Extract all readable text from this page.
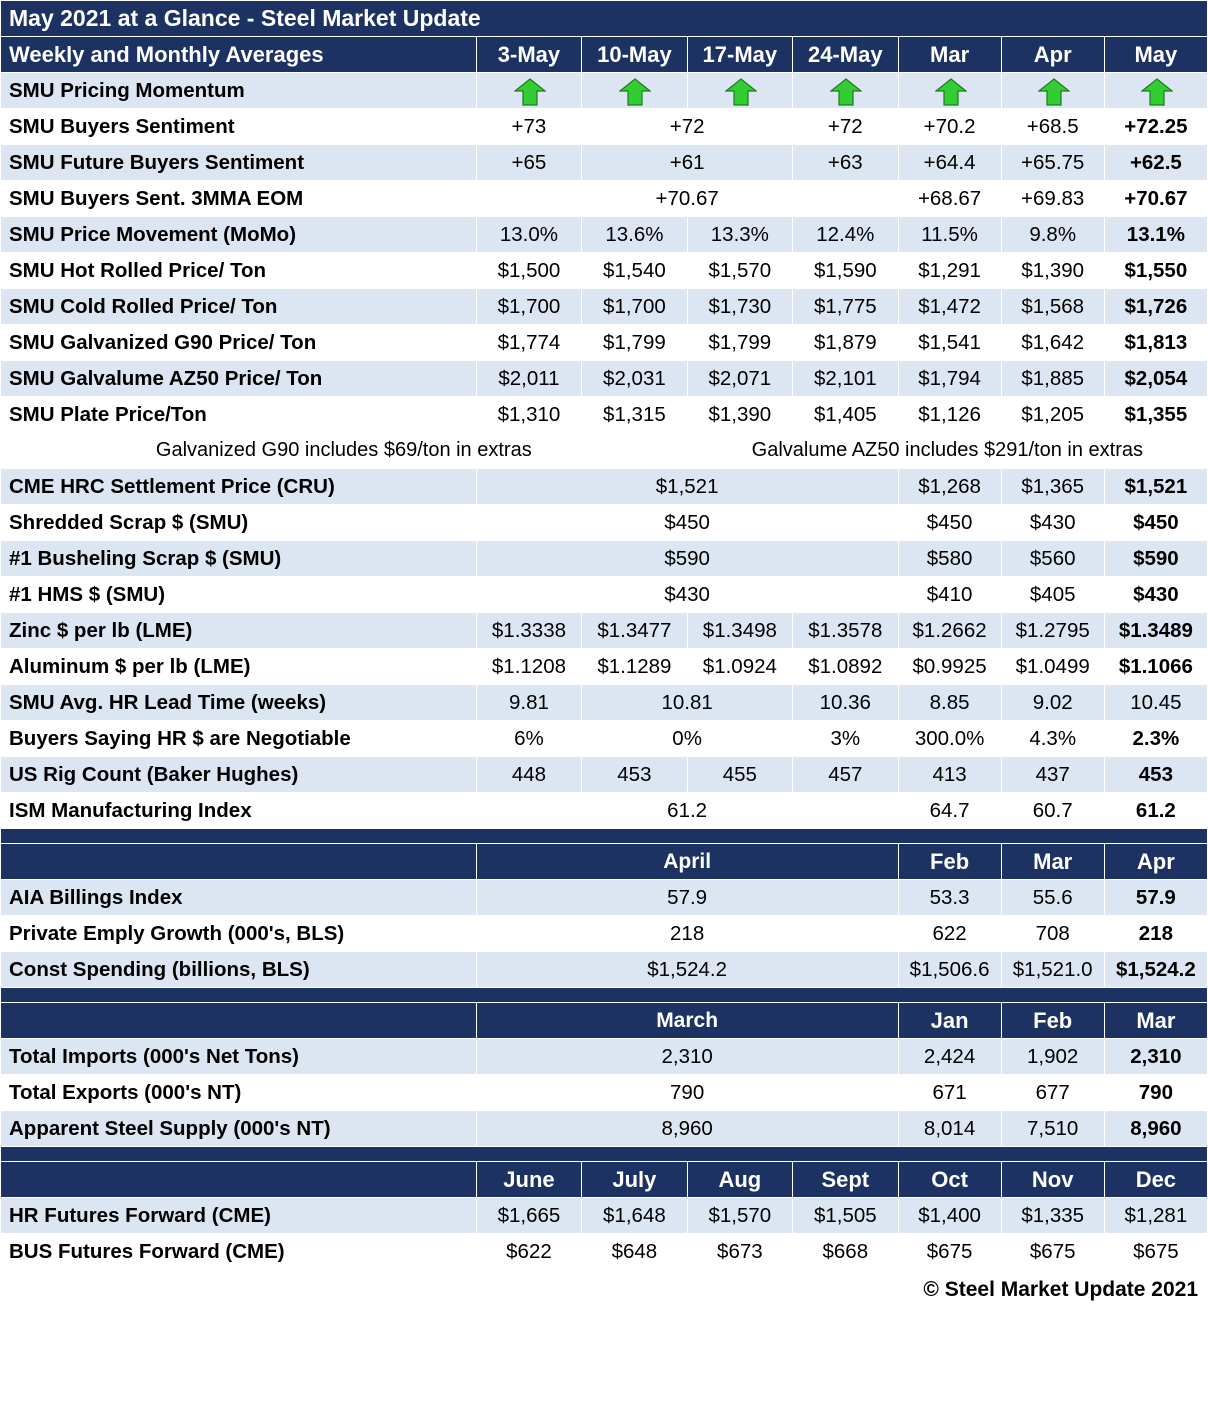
May 2021 at a Glance - Steel Market Update							
Weekly and Monthly Averages	3-May	10-May	17-May	24-May	Mar	Apr	May
SMU Pricing Momentum	

SMU Buyers Sentiment	+73	+72		+72	+70.2	+68.5	+72.25
SMU Future Buyers Sentiment	+65	+61		+63	+64.4	+65.75	+62.5
SMU Buyers Sent. 3MMA EOM	+70.67				+68.67	+69.83	+70.67
SMU Price Movement (MoMo)	13.0%	13.6%	13.3%	12.4%	11.5%	9.8%	13.1%
SMU Hot Rolled Price/ Ton	$1,500	$1,540	$1,570	$1,590	$1,291	$1,390	$1,550
SMU Cold Rolled Price/ Ton	$1,700	$1,700	$1,730	$1,775	$1,472	$1,568	$1,726
SMU Galvanized G90 Price/ Ton	$1,774	$1,799	$1,799	$1,879	$1,541	$1,642	$1,813
SMU Galvalume AZ50 Price/ Ton	$2,011	$2,031	$2,071	$2,101	$1,794	$1,885	$2,054
SMU Plate Price/Ton	$1,310	$1,315	$1,390	$1,405	$1,126	$1,205	$1,355
Galvanized G90 includes $69/ton in extras			Galvalume AZ50 includes $291/ton in extras				
CME HRC Settlement Price (CRU)	$1,521				$1,268	$1,365	$1,521
Shredded Scrap $ (SMU)	$450				$450	$430	$450
#1 Busheling Scrap $ (SMU)	$590				$580	$560	$590
#1 HMS $ (SMU)	$430				$410	$405	$430
Zinc $ per lb (LME)	$1.3338	$1.3477	$1.3498	$1.3578	$1.2662	$1.2795	$1.3489
Aluminum $ per lb (LME)	$1.1208	$1.1289	$1.0924	$1.0892	$0.9925	$1.0499	$1.1066
SMU Avg. HR Lead Time (weeks)	9.81	10.81		10.36	8.85	9.02	10.45
Buyers Saying HR $ are Negotiable	6%	0%		3%	300.0%	4.3%	2.3%
US Rig Count (Baker Hughes)	448	453	455	457	413	437	453
ISM Manufacturing Index	61.2				64.7	60.7	61.2

	April				Feb	Mar	Apr
AIA Billings Index	57.9				53.3	55.6	57.9
Private Emply Growth (000's, BLS)	218				622	708	218
Const Spending (billions, BLS)	$1,524.2				$1,506.6	$1,521.0	$1,524.2

	March				Jan	Feb	Mar
Total Imports (000's Net Tons)	2,310				2,424	1,902	2,310
Total Exports (000's NT)	790				671	677	790
Apparent Steel Supply (000's NT)	8,960				8,014	7,510	8,960

	June	July	Aug	Sept	Oct	Nov	Dec
HR Futures Forward (CME)	$1,665	$1,648	$1,570	$1,505	$1,400	$1,335	$1,281
BUS Futures Forward (CME)	$622	$648	$673	$668	$675	$675	$675
© Steel Market Update 2021
